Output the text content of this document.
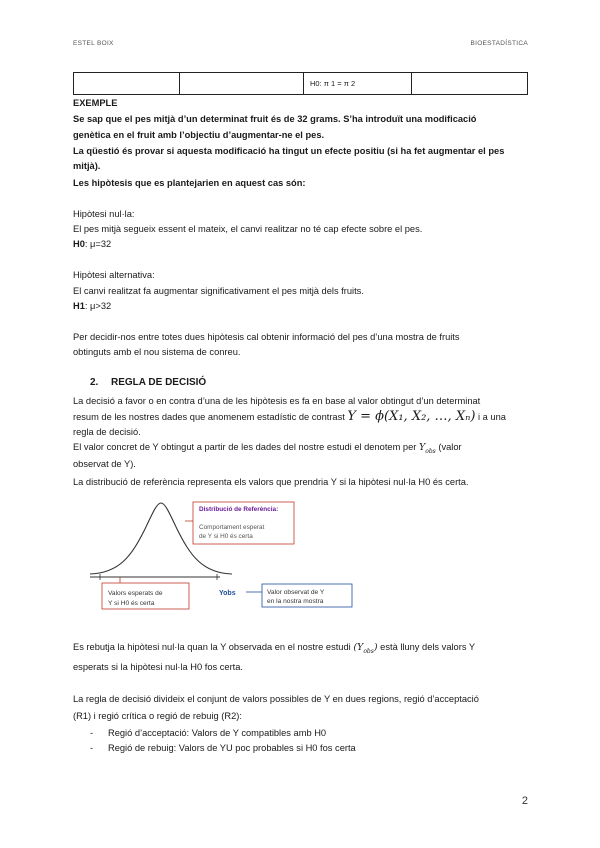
ESTEL BOIX	BIOESTADÍSTICA
		H0: π 1 = π 2	
EXEMPLE
Se sap que el pes mitjà d’un determinat fruit és de 32 grams. S’ha introduït una modificació
genètica en el fruit amb l’objectiu d’augmentar-ne el pes.
La qüestió és provar si aquesta modificació ha tingut un efecte positiu (si ha fet augmentar el pes
mitjà).
Les hipòtesis que es plantejarien en aquest cas són:
Hipòtesi nul·la:
El pes mitjà segueix essent el mateix, el canvi realitzar no té cap efecte sobre el pes.
H0: μ=32
Hipòtesi alternativa:
El canvi realitzat fa augmentar significativament el pes mitjà dels fruits.
H1: μ>32
Per decidir-nos entre totes dues hipòtesis cal obtenir informació del pes d’una mostra de fruits
obtinguts amb el nou sistema de conreu.
2. REGLA DE DECISIÓ
La decisió a favor o en contra d’una de les hipòtesis es fa en base al valor obtingut d’un determinat
resum de les nostres dades que anomenem estadístic de contrast Y = ϕ(X₁, X₂, …, Xₙ) i a una
regla de decisió.
El valor concret de Y obtingut a partir de les dades del nostre estudi el denotem per $Y_{obs}$ (valor
observat de Y).
La distribució de referència representa els valors que prendria Y si la hipòtesi nul·la H0 és certa.
Distribució de Referència:
Comportament esperat
de Y si H0 és certa
Valors esperats de
Y si H0 és certa
Yobs	Valor observat de Y
en la nostra mostra
Es rebutja la hipòtesi nul·la quan la Y observada en el nostre estudi $(Y_{obs})$ està lluny dels valors Y
esperats si la hipòtesi nul·la H0 fos certa.
La regla de decisió divideix el conjunt de valors possibles de Y en dues regions, regió d’acceptació
(R1) i regió crítica o regió de rebuig (R2):
- Regió d’acceptació: Valors de Y compatibles amb H0
- Regió de rebuig: Valors de YU poc probables si H0 fos certa
2
